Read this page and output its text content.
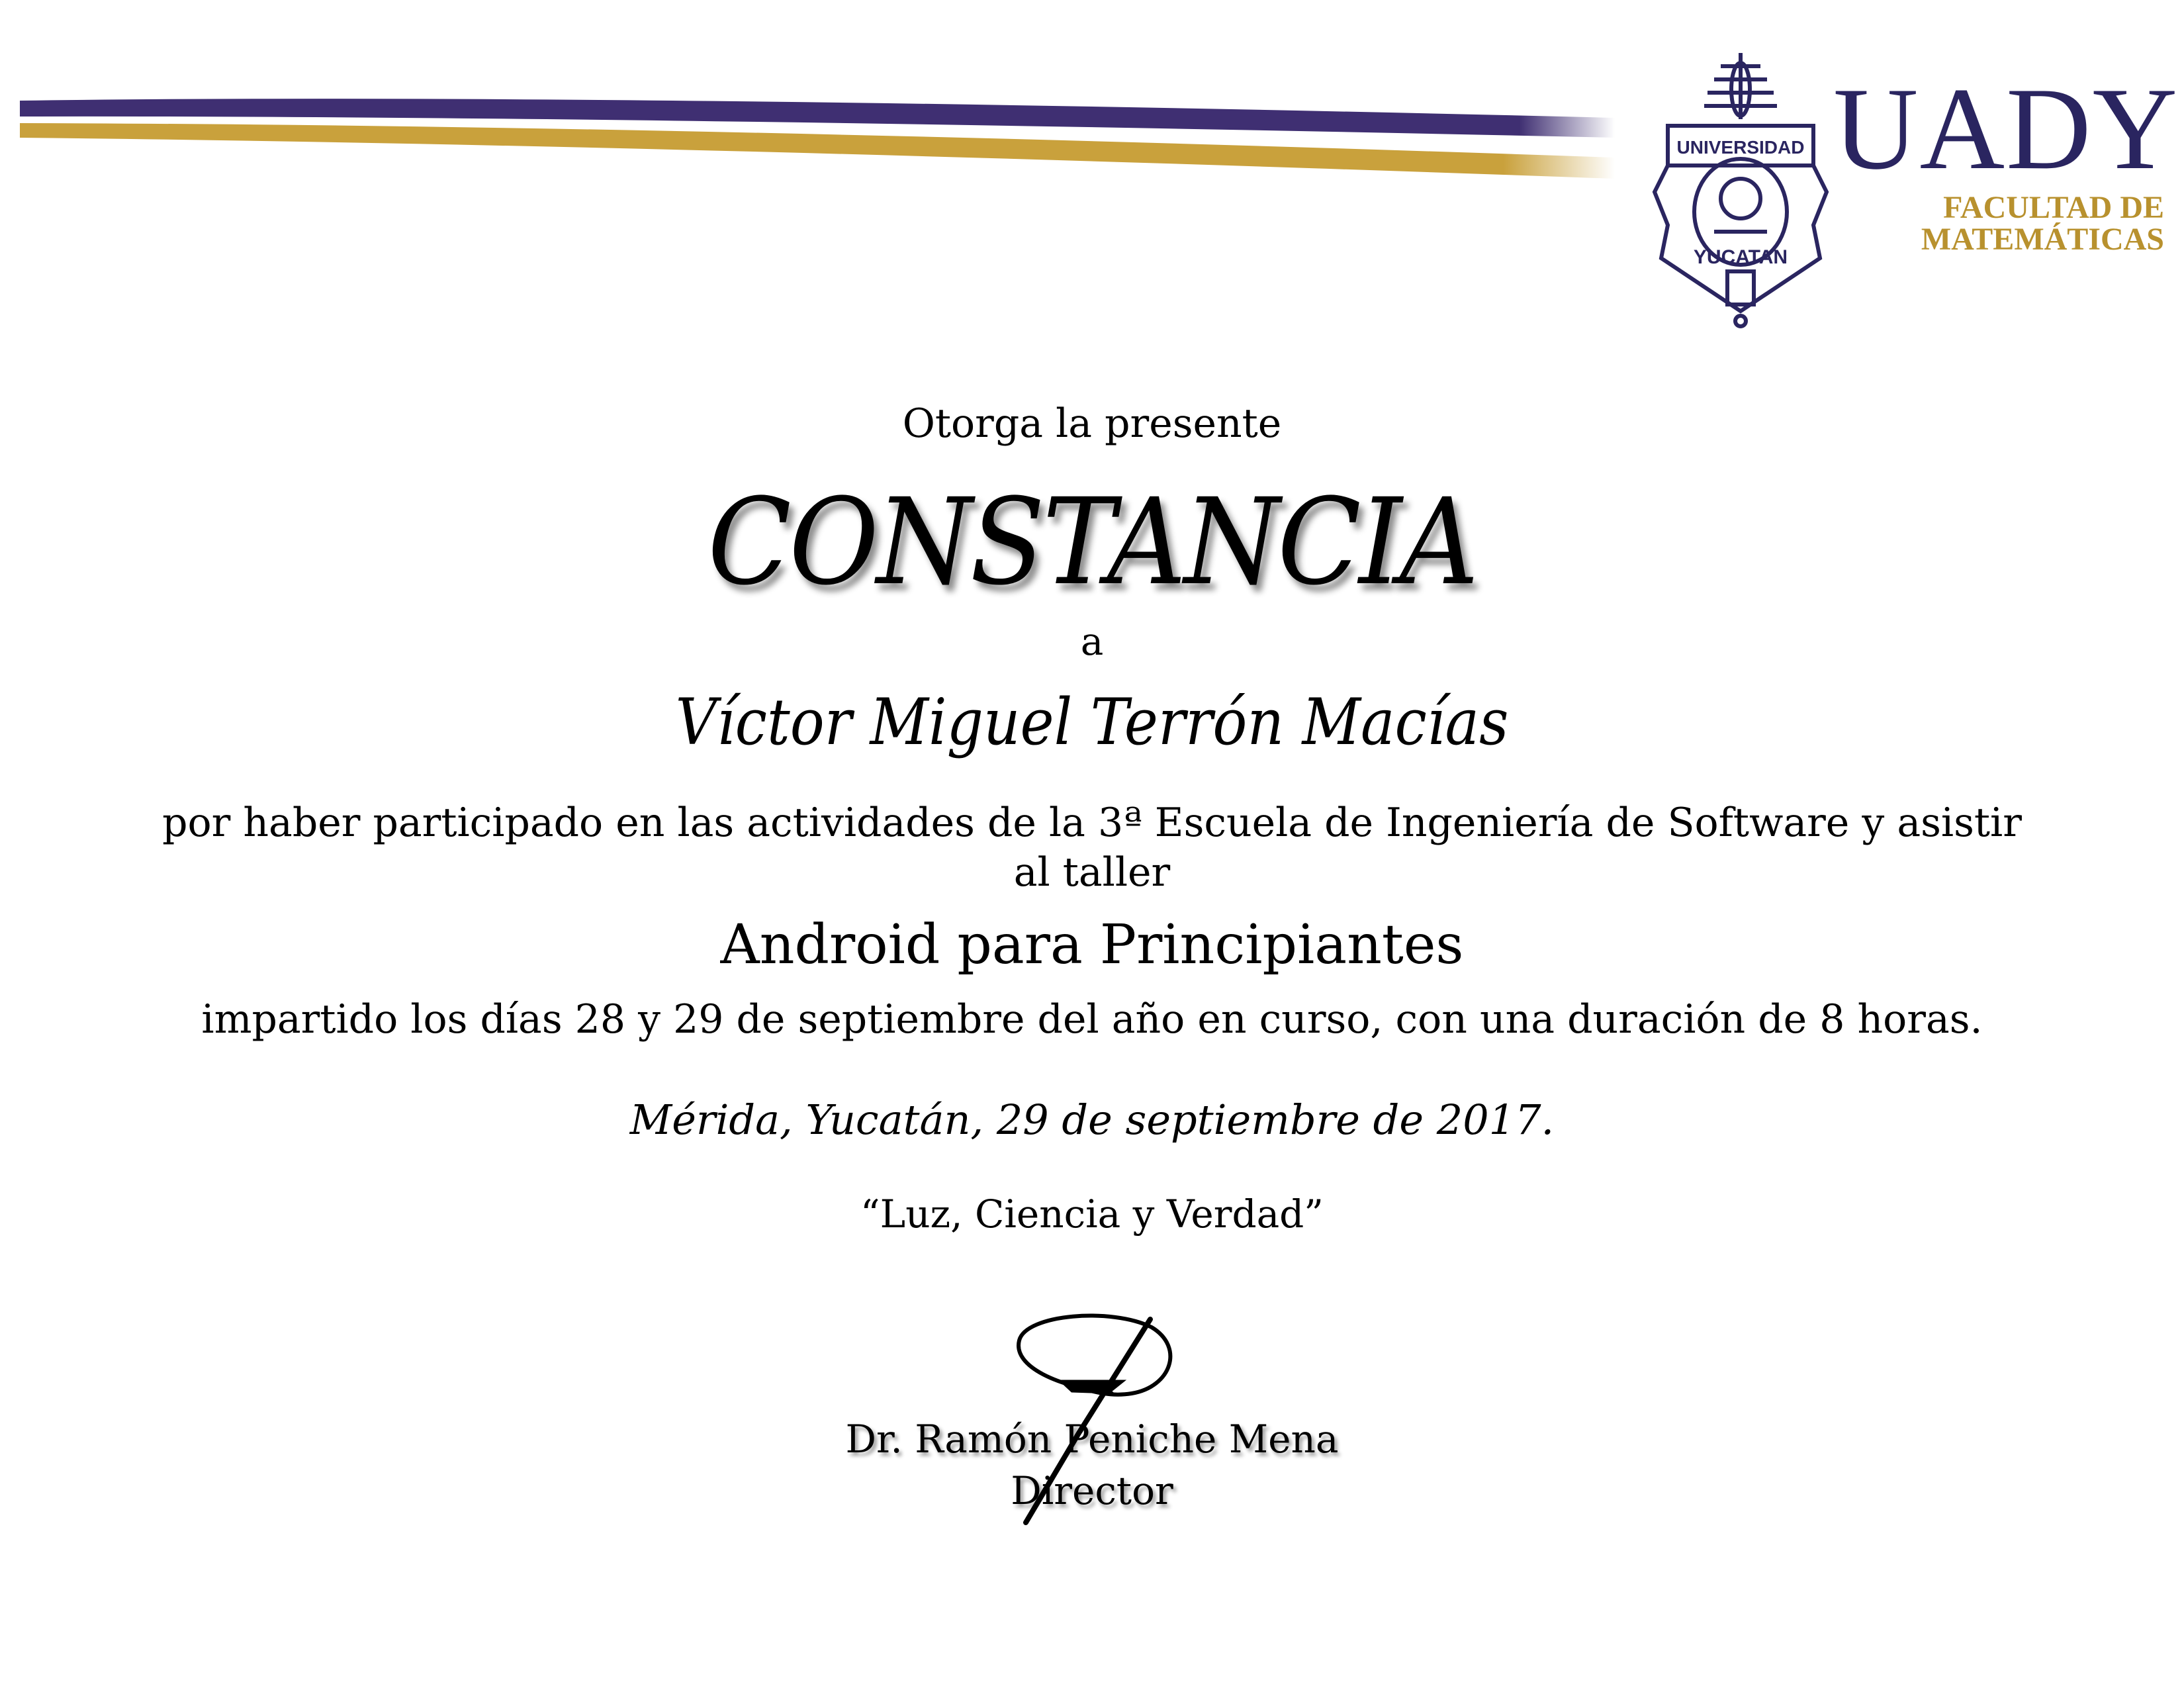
UNIVERSIDAD
YUCATAN
UADY
FACULTAD DE
MATEMÁTICAS
Otorga la presente
CONSTANCIA
a
Víctor Miguel Terrón Macías
por haber participado en las actividades de la 3ª Escuela de Ingeniería de Software y asistir
al taller
Android para Principiantes
impartido los días 28 y 29 de septiembre del año en curso, con una duración de 8 horas.
Mérida, Yucatán, 29 de septiembre de 2017.
“Luz, Ciencia y Verdad”
Dr. Ramón Peniche Mena
Director
